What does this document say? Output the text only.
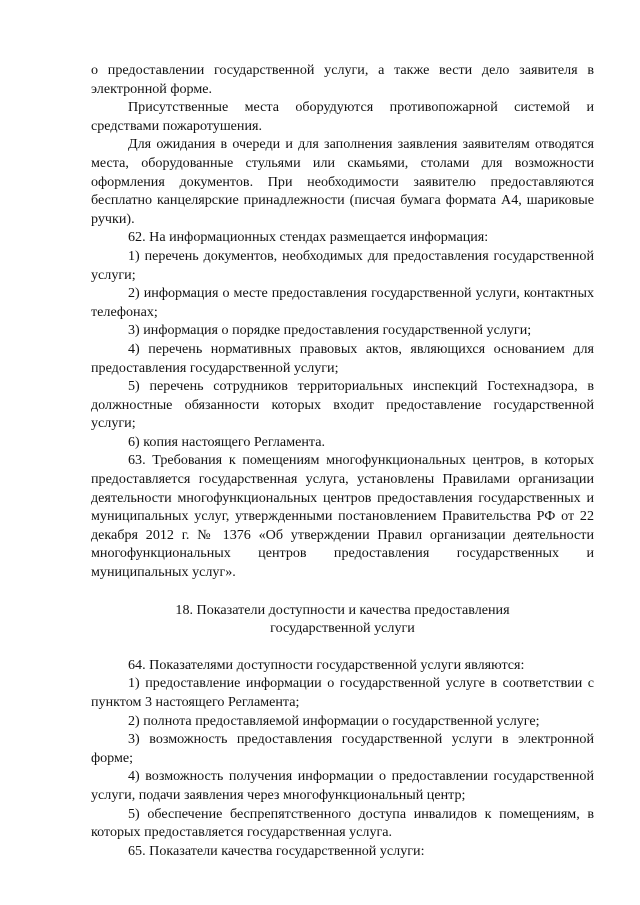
о предоставлении государственной услуги, а также вести дело заявителя в электронной форме.

Присутственные места оборудуются противопожарной системой и средствами пожаротушения.

Для ожидания в очереди и для заполнения заявления заявителям отводятся места, оборудованные стульями или скамьями, столами для возможности оформления документов. При необходимости заявителю предоставляются бесплатно канцелярские принадлежности (писчая бумага формата А4, шариковые ручки).

62. На информационных стендах размещается информация:

1) перечень документов, необходимых для предоставления государственной услуги;

2) информация о месте предоставления государственной услуги, контактных телефонах;

3) информация о порядке предоставления государственной услуги;

4) перечень нормативных правовых актов, являющихся основанием для предоставления государственной услуги;

5) перечень сотрудников территориальных инспекций Гостехнадзора, в должностные обязанности которых входит предоставление государственной услуги;

6) копия настоящего Регламента.

63. Требования к помещениям многофункциональных центров, в которых предоставляется государственная услуга, установлены Правилами организации деятельности многофункциональных центров предоставления государственных и муниципальных услуг, утвержденными постановлением Правительства РФ от 22 декабря 2012 г. № 1376 «Об утверждении Правил организации деятельности многофункциональных центров предоставления государственных и муниципальных услуг».

18. Показатели доступности и качества предоставления
государственной услуги

64. Показателями доступности государственной услуги являются:

1) предоставление информации о государственной услуге в соответствии с пунктом 3 настоящего Регламента;

2) полнота предоставляемой информации о государственной услуге;

3) возможность предоставления государственной услуги в электронной форме;

4) возможность получения информации о предоставлении государственной услуги, подачи заявления через многофункциональный центр;

5) обеспечение беспрепятственного доступа инвалидов к помещениям, в которых предоставляется государственная услуга.

65. Показатели качества государственной услуги:
